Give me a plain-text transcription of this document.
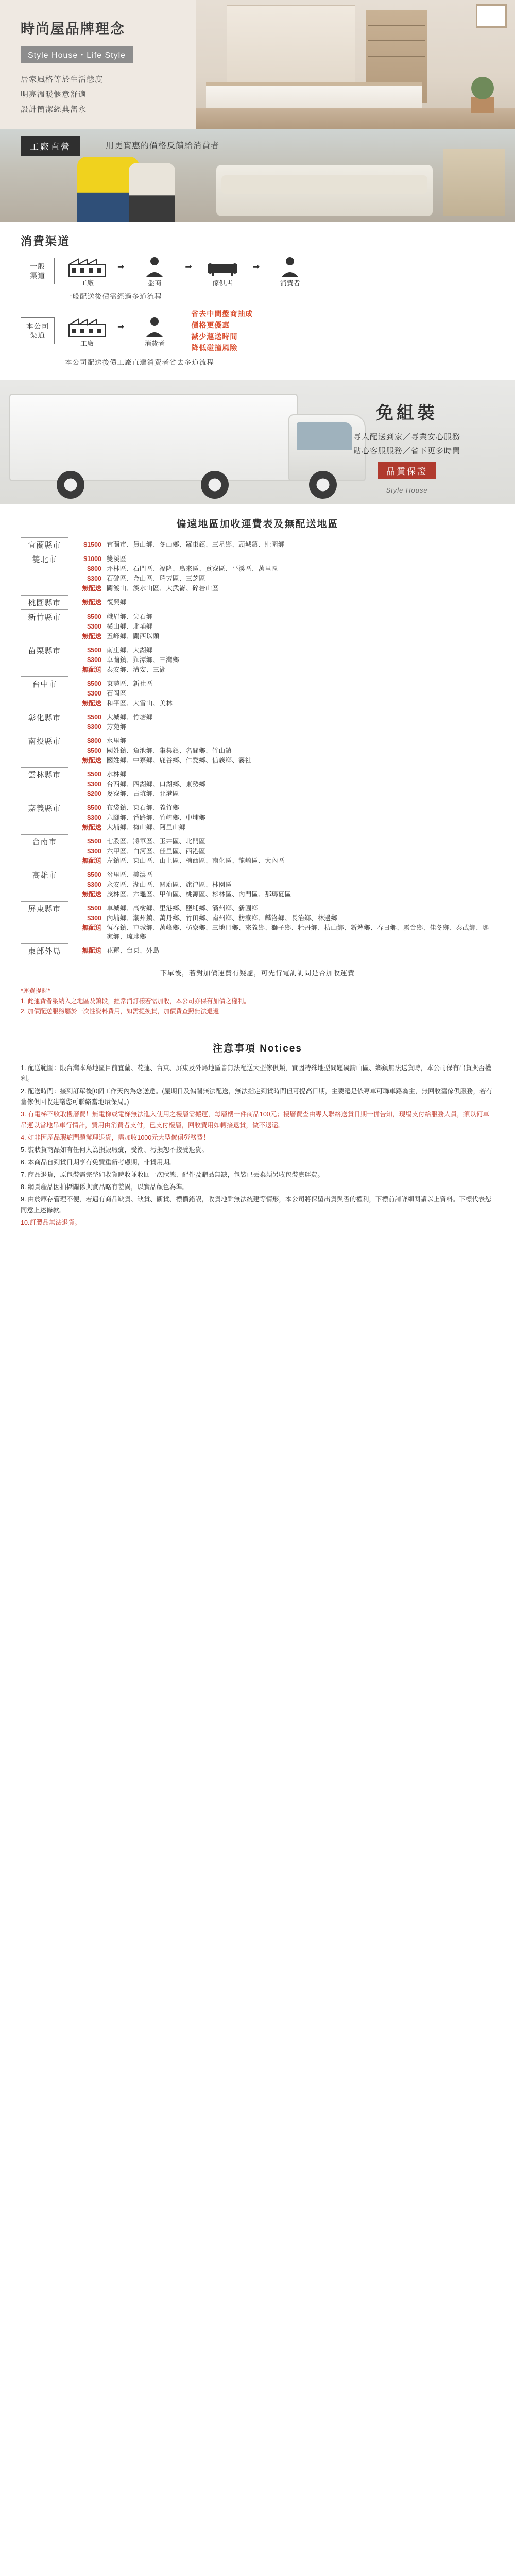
時尚屋品牌理念
Style House・Life Style
居家風格等於生活態度
明亮溫暖愜意舒適
設計簡潔經典雋永
工廠直營	用更實惠的價格反饋給消費者
消費渠道
一般
渠道
工廠
➡
盤商
➡
傢俱店
➡
消費者
一般配送後價需經過多道流程
本公司
渠道
工廠
➡
消費者
省去中間盤商抽成
價格更優惠
減少運送時間
降低碰撞風險
本公司配送後價工廠直達消費者省去多道流程
免組裝
專人配送到家／專業安心服務
貼心客服服務／省下更多時間
品質保證
Style House
偏遠地區加收運費表及無配送地區
宜蘭縣市	$1500 宜蘭市、員山鄉、冬山鄉、羅東鎮、三星鄉、頭城鎮、壯圍鄉

雙北市	$1000 雙溪區
$800 坪林區、石門區、福隆、烏來區、貢寮區、平溪區、萬里區
$300 石碇區、金山區、瑞芳區、三芝區
無配送 關渡山、淡水山區、大武崙、碎岩山區

桃園縣市	無配送 復興鄉

新竹縣市	$500 峨眉鄉、尖石鄉
$300 橫山鄉、北埔鄉
無配送 五峰鄉、關西以頭

苗栗縣市	$500 南庄鄉、大湖鄉
$300 卓蘭鎮、獅潭鄉、三灣鄉
無配送 泰安鄉、清安、三湖

台中市	$500 東勢區、新社區
$300 石岡區
無配送 和平區、大雪山、美林

彰化縣市	$500 大城鄉、竹塘鄉
$300 芳苑鄉

南投縣市	$800 水里鄉
$500 國姓鎮、魚池鄉、集集鎮、名間鄉、竹山鎮
無配送 國姓鄉、中寮鄉、鹿谷鄉、仁愛鄉、信義鄉、霧社

雲林縣市	$500 水林鄉
$300 台西鄉、四湖鄉、口湖鄉、東勢鄉
$200 麥寮鄉、古坑鄉、北港區

嘉義縣市	$500 布袋鎮、東石鄉、義竹鄉
$300 六腳鄉、番路鄉、竹崎鄉、中埔鄉
無配送 大埔鄉、梅山鄉、阿里山鄉

台南市	$500 七股區、將軍區、玉井區、北門區
$300 六甲區、白河區、佳里區、西港區
無配送 左鎮區、東山區、山上區、楠西區、南化區、龍崎區、大內區

高雄市	$500 岔里區、美濃區
$300 永安區、湖山區、關廟區、旗津區、林園區
無配送 茂林區、六龜區、甲仙區、桃源區、杉林區、內門區、那瑪夏區

屏東縣市	$500 車城鄉、高樹鄉、里港鄉、鹽埔鄉、滿州鄉、新園鄉
$300 內埔鄉、潮州鎮、萬丹鄉、竹田鄉、南州鄉、枋寮鄉、麟洛鄉、長治鄉、林邊鄉
無配送 恆春鎮、車城鄉、萬峰鄉、枋寮鄉、三地門鄉、來義鄉、獅子鄉、牡丹鄉、枋山鄉、新埤鄉、春日鄉、霧台鄉、佳冬鄉、泰武鄉、瑪家鄉、琉球鄉

東部外島	無配送 花蓮、台東、外島
下單後，若對加價運費有疑慮，可先行電詢詢問是否加收運費
*運費提醒*
1. 此運費者系納入之地區及鎮段，經常消訂樣若需加收，本公司亦保有加價之權利。
2. 加價配送服務屬於一次性資料費用，如需提換貨，加價費查照無法退還
注意事項 Notices
1. 配送範圍：限台灣本島地區目前宜蘭、花蓮、台東、屏東及外島地區皆無法配送大型傢俱類，實因特殊地型問題礙請山區、鄉鎮無法送貨時，本公司保有出貨與否權利。
2. 配送時間：接到訂單後[0個工作天內為您送達。(屋期日及偏關無法配送，無法指定到貨時間但可提高日期，主要遷是依專車可聯車路為主，無回收舊傢俱服務，若有舊傢俱回收建議您可聯絡當地環保局。)
3. 有電梯不收取樓層費！無電梯或電梯無法進入使用之樓層需搬運，每層樓一件商品100元；樓層費查由專人聯絡送貨日期一併告知，現場支付給服務人員，須以何車吊運以當地吊車行情計，費用由消費者支付，已支付樓層，回收費用如轉接退貨，做不退還。
4. 如非因產品瑕疵問題辦理退貨，需加收1000元大型傢俱勞務費！
5. 裝狀貨商品如有任何人為損毀瑕疵，受潮、污損恕不接受退貨。
6. 本商品自到貨日期享有免費重新考慮期，非貨用期。
7. 商品退貨，原包裝需完整如收貨時收並收回一次狀態、配件及贈品無缺，包裝已丟棄須另收包裝處運費。
8. 網頁產品因拍攝關係與實品略有差異，以實品顏色為準。
9. 由於庫存管理不便，若遇有商品缺貨、缺貨、斷貨、標價錯誤，收貨地點無法統建等情形，本公司將保留出貨與否的權利，下標前請詳細閱讀以上資料。下標代表您同意上述條款。
10.訂製品無法退貨。
